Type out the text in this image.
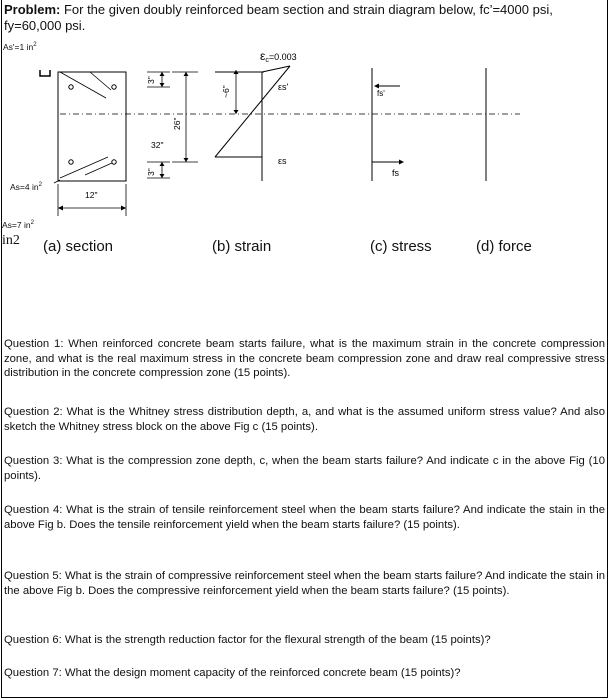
Problem: For the given doubly reinforced beam section and strain diagram below, fc’=4000 psi,
fy=60,000 psi.
As'=1 $in^2$
As=4 $in^2$
As=7 $in^2$
in2
12"
3"
26"
32"
3"
~6"
εc=0.003
εs'
εs
fs'
fs
(a) section	(b) strain	(c) stress	(d) force
Question 1: When reinforced concrete beam starts failure, what is the maximum strain in the concrete compression zone, and what is the real maximum stress in the concrete beam compression zone and draw real compressive stress distribution in the concrete compression zone (15 points).
Question 2: What is the Whitney stress distribution depth, a, and what is the assumed uniform stress value? And also sketch the Whitney stress block on the above Fig c (15 points).
Question 3: What is the compression zone depth, c, when the beam starts failure? And indicate c in the above Fig (10 points).
Question 4: What is the strain of tensile reinforcement steel when the beam starts failure? And indicate the stain in the above Fig b. Does the tensile reinforcement yield when the beam starts failure? (15 points).
Question 5: What is the strain of compressive reinforcement steel when the beam starts failure? And indicate the stain in the above Fig b. Does the compressive reinforcement yield when the beam starts failure? (15 points).
Question 6: What is the strength reduction factor for the flexural strength of the beam (15 points)?
Question 7: What the design moment capacity of the reinforced concrete beam (15 points)?
